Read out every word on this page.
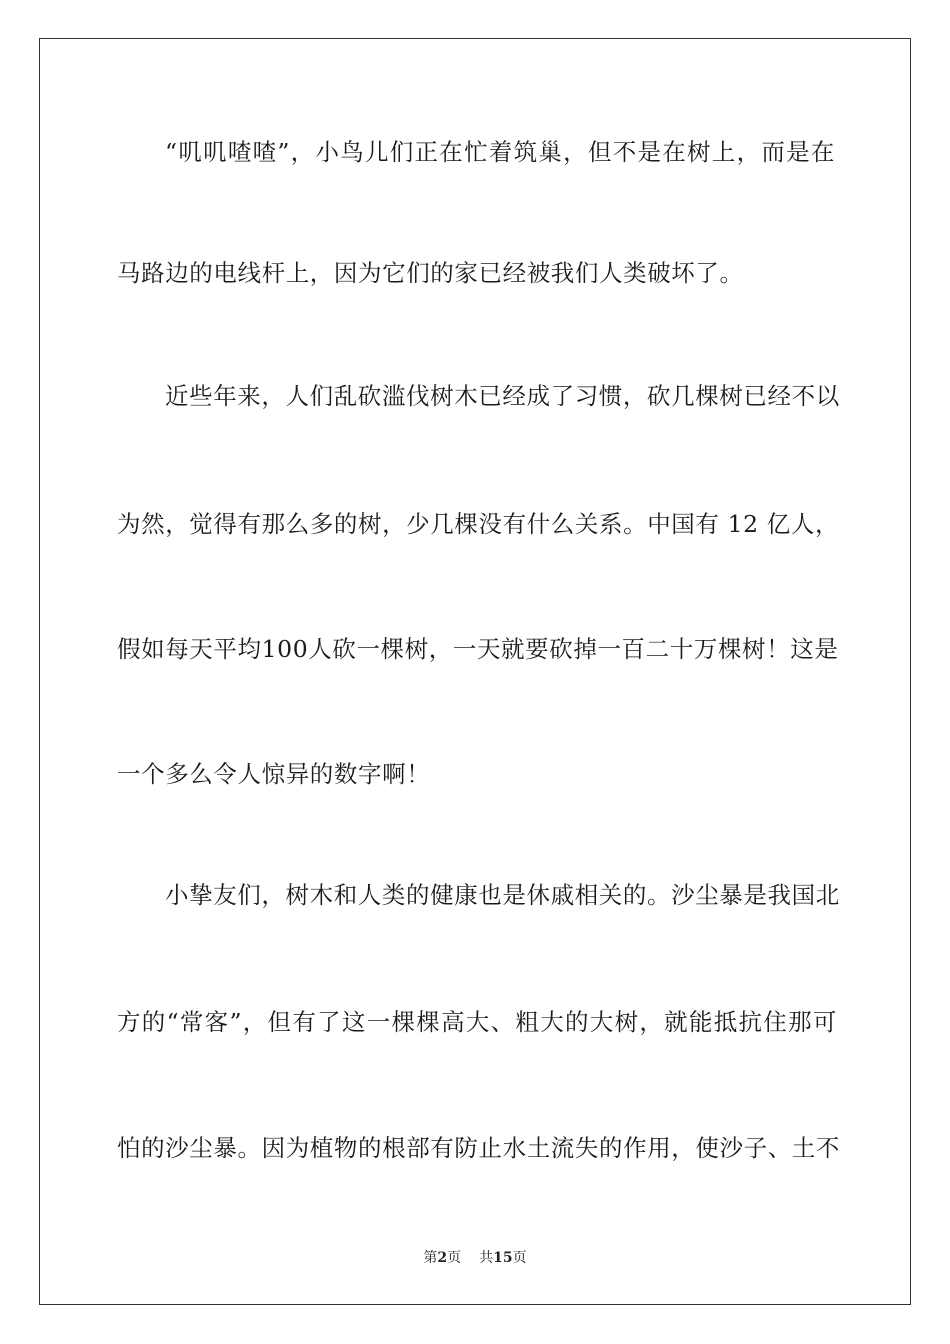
“叽叽喳喳”，小鸟儿们正在忙着筑巢，但不是在树上，而是在
马路边的电线杆上，因为它们的家已经被我们人类破坏了。
近些年来，人们乱砍滥伐树木已经成了习惯，砍几棵树已经不以
为然，觉得有那么多的树，少几棵没有什么关系。中国有 12 亿人，
假如每天平均100人砍一棵树，一天就要砍掉一百二十万棵树！这是
一个多么令人惊异的数字啊！
小挚友们，树木和人类的健康也是休戚相关的。沙尘暴是我国北
方的“常客”，但有了这一棵棵高大、粗大的大树，就能抵抗住那可
怕的沙尘暴。因为植物的根部有防止水土流失的作用，使沙子、土不
第2页 共15页
